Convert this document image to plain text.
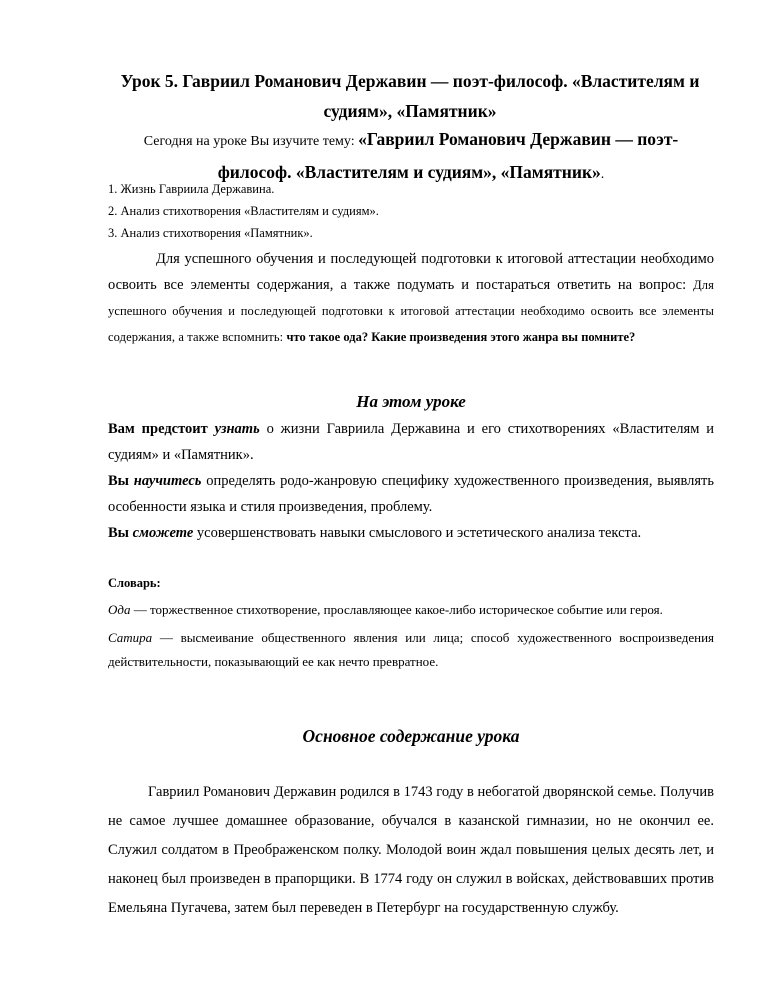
Урок 5. Гавриил Романович Державин — поэт-философ. «Властителям и судиям», «Памятник»

Сегодня на уроке Вы изучите тему: «Гавриил Романович Державин — поэт-философ. «Властителям и судиям», «Памятник».

1. Жизнь Гавриила Державина.
2. Анализ стихотворения «Властителям и судиям».
3. Анализ стихотворения «Памятник».

Для успешного обучения и последующей подготовки к итоговой аттестации необходимо освоить все элементы содержания, а также подумать и постараться ответить на вопрос: Для успешного обучения и последующей подготовки к итоговой аттестации необходимо освоить все элементы содержания, а также вспомнить: что такое ода? Какие произведения этого жанра вы помните?

На этом уроке

Вам предстоит узнать о жизни Гавриила Державина и его стихотворениях «Властителям и судиям» и «Памятник».

Вы научитесь определять родо-жанровую специфику художественного произведения, выявлять особенности языка и стиля произведения, проблему.

Вы сможете усовершенствовать навыки смыслового и эстетического анализа текста.

Словарь:

Ода — торжественное стихотворение, прославляющее какое-либо историческое событие или героя.

Сатира — высмеивание общественного явления или лица; способ художественного воспроизведения действительности, показывающий ее как нечто превратное.

Основное содержание урока

Гавриил Романович Державин родился в 1743 году в небогатой дворянской семье. Получив не самое лучшее домашнее образование, обучался в казанской гимназии, но не окончил ее. Служил солдатом в Преображенском полку. Молодой воин ждал повышения целых десять лет, и наконец был произведен в прапорщики. В 1774 году он служил в войсках, действовавших против Емельяна Пугачева, затем был переведен в Петербург на государственную службу.
